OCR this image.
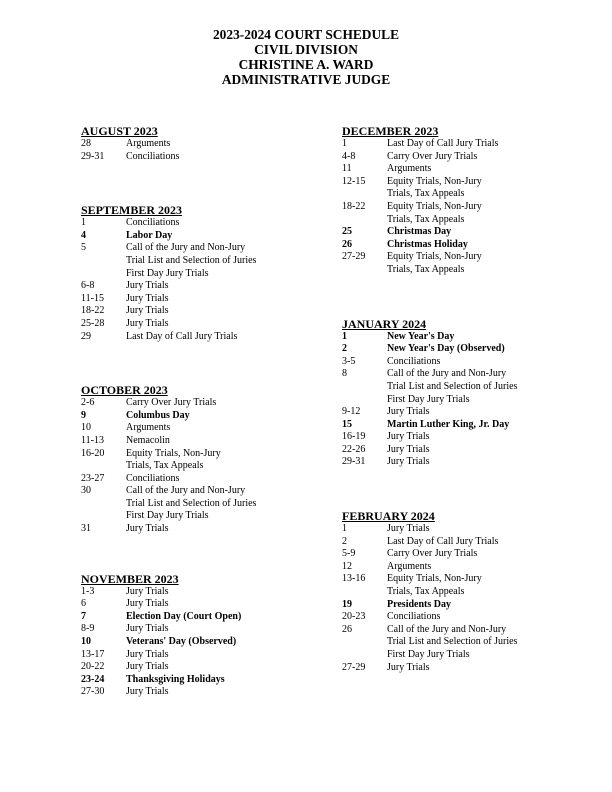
2023-2024 COURT SCHEDULE
CIVIL DIVISION
CHRISTINE A. WARD
ADMINISTRATIVE JUDGE
AUGUST 2023
28	Arguments
29-31	Conciliations
SEPTEMBER 2023
1	Conciliations
4	Labor Day
5	Call of the Jury and Non-Jury
Trial List and Selection of Juries
First Day Jury Trials
6-8	Jury Trials
11-15	Jury Trials
18-22	Jury Trials
25-28	Jury Trials
29	Last Day of Call Jury Trials
OCTOBER 2023
2-6	Carry Over Jury Trials
9	Columbus Day
10	Arguments
11-13	Nemacolin
16-20	Equity Trials, Non-Jury
Trials, Tax Appeals
23-27	Conciliations
30	Call of the Jury and Non-Jury
Trial List and Selection of Juries
First Day Jury Trials
31	Jury Trials
NOVEMBER 2023
1-3	Jury Trials
6	Jury Trials
7	Election Day (Court Open)
8-9	Jury Trials
10	Veterans' Day (Observed)
13-17	Jury Trials
20-22	Jury Trials
23-24	Thanksgiving Holidays
27-30	Jury Trials
DECEMBER 2023
1	Last Day of Call Jury Trials
4-8	Carry Over Jury Trials
11	Arguments
12-15	Equity Trials, Non-Jury
Trials, Tax Appeals
18-22	Equity Trials, Non-Jury
Trials, Tax Appeals
25	Christmas Day
26	Christmas Holiday
27-29	Equity Trials, Non-Jury
Trials, Tax Appeals
JANUARY 2024
1	New Year's Day
2	New Year's Day (Observed)
3-5	Conciliations
8	Call of the Jury and Non-Jury
Trial List and Selection of Juries
First Day Jury Trials
9-12	Jury Trials
15	Martin Luther King, Jr. Day
16-19	Jury Trials
22-26	Jury Trials
29-31	Jury Trials
FEBRUARY 2024
1	Jury Trials
2	Last Day of Call Jury Trials
5-9	Carry Over Jury Trials
12	Arguments
13-16	Equity Trials, Non-Jury
Trials, Tax Appeals
19	Presidents Day
20-23	Conciliations
26	Call of the Jury and Non-Jury
Trial List and Selection of Juries
First Day Jury Trials
27-29	Jury Trials
